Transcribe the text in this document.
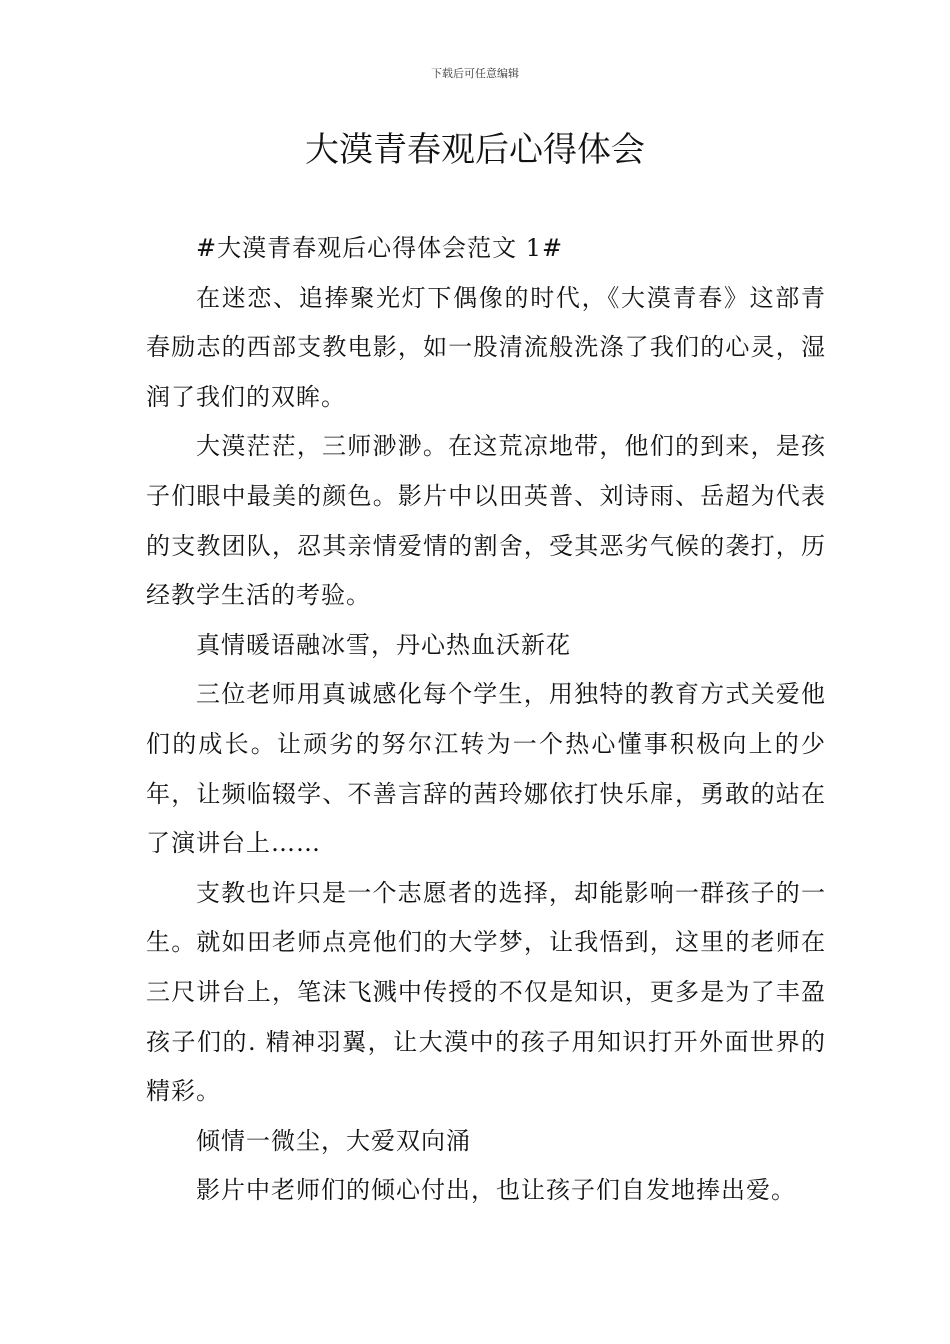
下载后可任意编辑
大漠青春观后心得体会

#大漠青春观后心得体会范文 1#

在迷恋、追捧聚光灯下偶像的时代，《大漠青春》这部青春励志的西部支教电影，如一股清流般洗涤了我们的心灵，湿润了我们的双眸。

大漠茫茫，三师渺渺。在这荒凉地带，他们的到来，是孩子们眼中最美的颜色。影片中以田英普、刘诗雨、岳超为代表的支教团队，忍其亲情爱情的割舍，受其恶劣气候的袭打，历经教学生活的考验。

真情暖语融冰雪，丹心热血沃新花

三位老师用真诚感化每个学生，用独特的教育方式关爱他们的成长。让顽劣的努尔江转为一个热心懂事积极向上的少年，让频临辍学、不善言辞的茜玲娜依打快乐扉，勇敢的站在了演讲台上……

支教也许只是一个志愿者的选择，却能影响一群孩子的一生。就如田老师点亮他们的大学梦，让我悟到，这里的老师在三尺讲台上，笔沫飞溅中传授的不仅是知识，更多是为了丰盈孩子们的. 精神羽翼，让大漠中的孩子用知识打开外面世界的精彩。

倾情一微尘，大爱双向涌

影片中老师们的倾心付出，也让孩子们自发地捧出爱。
